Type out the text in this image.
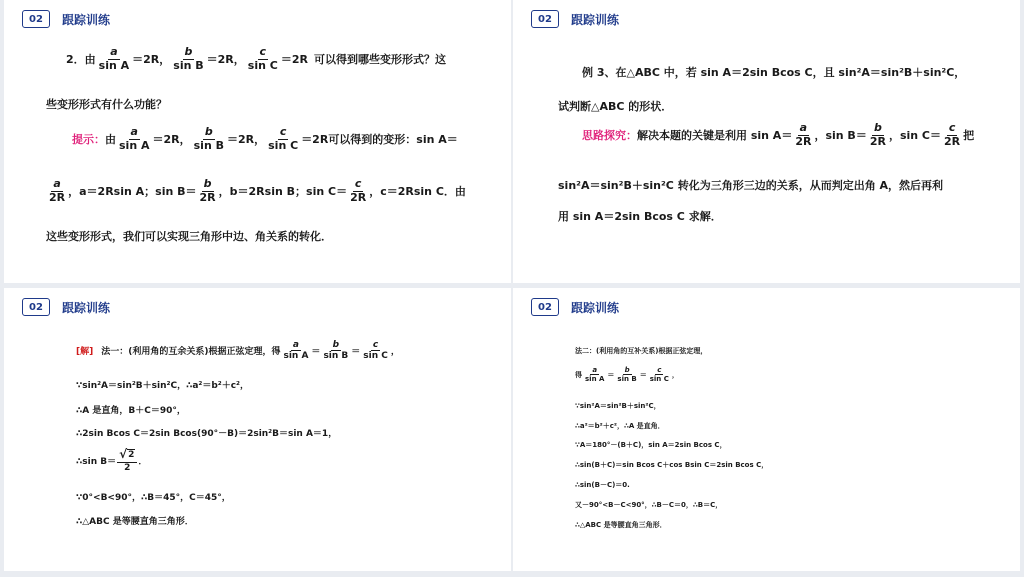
02	跟踪训练
2．由
a
sin A ＝2R，
b
sin B ＝2R，
c
sin C ＝2R 可以得到哪些变形形式？这
些变形形式有什么功能？
提示： 由
a
sin A ＝2R，
b
sin B ＝2R，
c
sin C ＝2R 可以得到的变形：sin A＝
a
2R ，a＝2Rsin A；sin B＝
b
2R ，b＝2Rsin B；sin C＝
c
2R ，c＝2Rsin C．由
这些变形形式，我们可以实现三角形中边、角关系的转化．
02	跟踪训练
例 3、在△ABC 中，若 sin A＝2sin Bcos C，且 sin²A＝sin²B＋sin²C，
试判断△ABC 的形状．
思路探究： 解决本题的关键是利用 sin A＝
a
2R ，sin B＝
b
2R ，sin C＝
c
2R 把
sin²A＝sin²B＋sin²C 转化为三角形三边的关系，从而判定出角 A，然后再利
用 sin A＝2sin Bcos C 求解．
02	跟踪训练
[解] 法一：(利用角的互余关系)根据正弦定理，得
a
sin A ＝
b
sin B ＝
c
sin C ，
∵sin²A＝sin²B＋sin²C，∴a²＝b²＋c²，
∴A 是直角，B＋C＝90°，
∴2sin Bcos C＝2sin Bcos(90°－B)＝2sin²B＝sin A＝1，
∴sin B＝
√ 2
2
．
∵0°<B<90°，∴B＝45°，C＝45°，
∴△ABC 是等腰直角三角形．
02	跟踪训练
法二：(利用角的互补关系)根据正弦定理，
得
a
sin A
＝
b
sin B
＝
c
sin C
，
∵sin²A＝sin²B＋sin²C，
∴a²＝b²＋c²，∴A 是直角．
∵A＝180°－(B＋C)，sin A＝2sin Bcos C，
∴sin(B＋C)＝sin Bcos C＋cos Bsin C＝2sin Bcos C，
∴sin(B－C)＝0.
又－90°<B－C<90°，∴B－C＝0，∴B＝C，
∴△ABC 是等腰直角三角形．
